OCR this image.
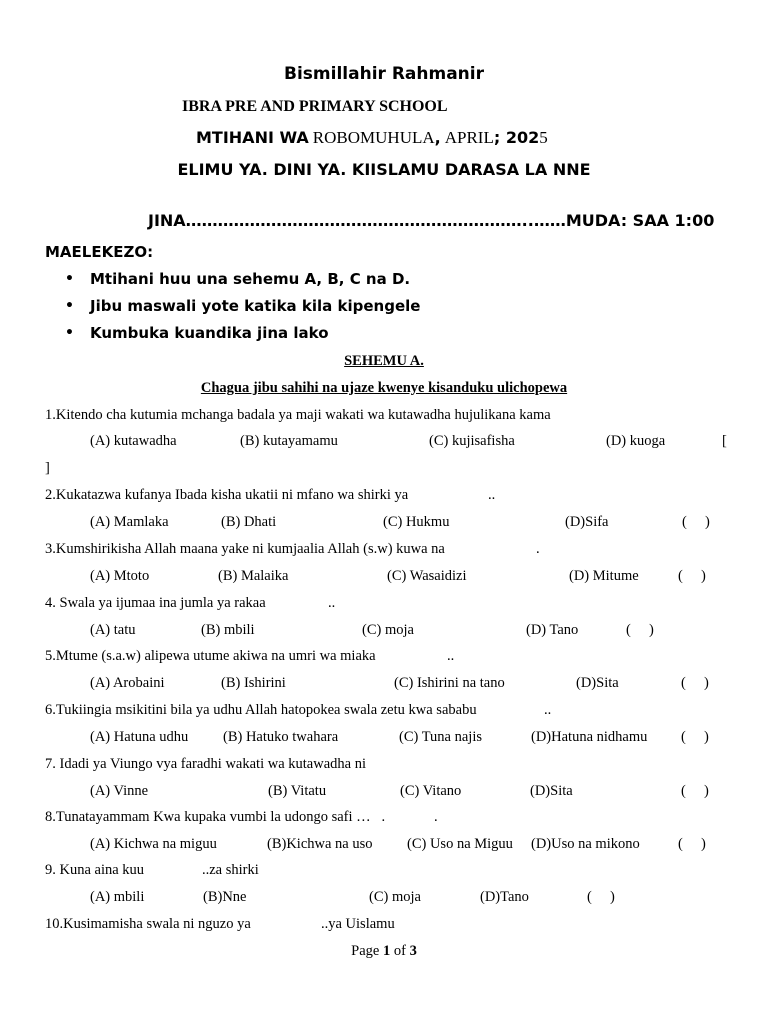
Bismillahir Rahmanir
IBRA PRE AND PRIMARY SCHOOL
MTIHANI WA ROBOMUHULA, APRIL; 2025
ELIMU YA. DINI YA. KIISLAMU DARASA LA NNE
JINA………………………………………………………..……MUDA: SAA 1:00
MAELEKEZO:
• Mtihani huu una sehemu A, B, C na D.
• Jibu maswali yote katika kila kipengele
• Kumbuka kuandika jina lako
SEHEMU A.
Chagua jibu sahihi na ujaze kwenye kisanduku ulichopewa
1.Kitendo cha kutumia mchanga badala ya maji wakati wa kutawadha hujulikana kama
(A) kutawadha	(B) kutayamamu	(C) kujisafisha	(D) kuoga	[
]
2.Kukatazwa kufanya Ibada kisha ukatii ni mfano wa shirki ya	..
(A) Mamlaka	(B) Dhati	(C) Hukmu	(D)Sifa	(     )
3.Kumshirikisha Allah maana yake ni kumjaalia Allah (s.w) kuwa na	.
(A) Mtoto	(B) Malaika	(C) Wasaidizi	(D) Mitume	(     )
4. Swala ya ijumaa ina jumla ya rakaa	..
(A) tatu	(B) mbili	(C) moja	(D) Tano	(     )
5.Mtume (s.a.w) alipewa utume akiwa na umri wa miaka	..
(A) Arobaini	(B) Ishirini	(C) Ishirini na tano	(D)Sita	(     )
6.Tukiingia msikitini bila ya udhu Allah hatopokea swala zetu kwa sababu	..
(A) Hatuna udhu (B) Hatuko twahara	(C) Tuna najis	(D)Hatuna nidhamu (     )
7. Idadi ya Viungo vya faradhi wakati wa kutawadha ni
(A) Vinne	(B) Vitatu	(C) Vitano	(D)Sita	(     )
8.Tunatayammam Kwa kupaka vumbi la udongo safi …   .	.
(A) Kichwa na miguu	(B)Kichwa na uso (C) Uso na Miguu (D)Uso na mikono	(     )
9. Kuna aina kuu	..za shirki
(A) mbili	(B)Nne	(C) moja	(D)Tano	(     )
10.Kusimamisha swala ni nguzo ya	..ya Uislamu
Page 1 of 3
